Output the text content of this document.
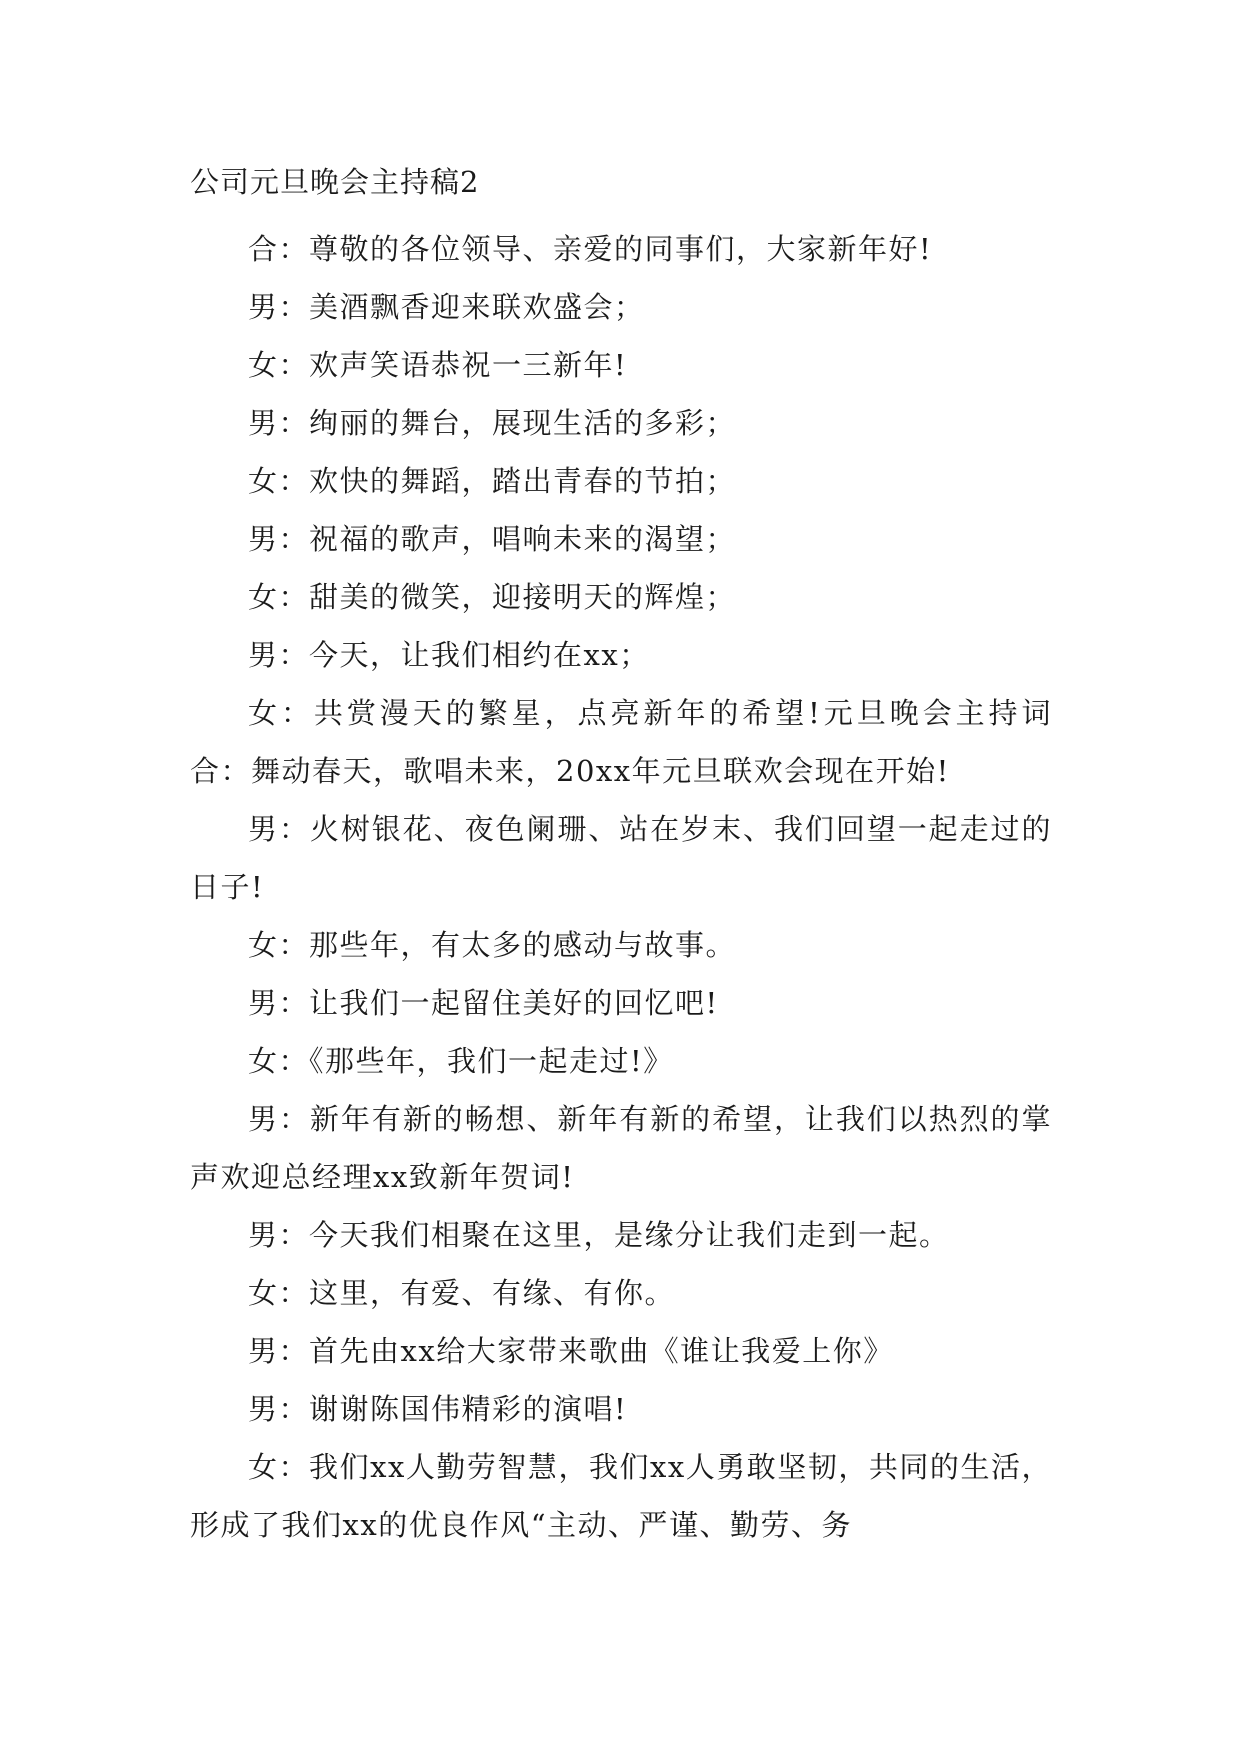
公司元旦晚会主持稿2

合：尊敬的各位领导、亲爱的同事们，大家新年好!

男：美酒飘香迎来联欢盛会；

女：欢声笑语恭祝一三新年!

男：绚丽的舞台，展现生活的多彩；

女：欢快的舞蹈，踏出青春的节拍；

男：祝福的歌声，唱响未来的渴望；

女：甜美的微笑，迎接明天的辉煌；

男：今天，让我们相约在xx；

女：共赏漫天的繁星，点亮新年的希望!元旦晚会主持词合：舞动春天，歌唱未来，20xx年元旦联欢会现在开始!

男：火树银花、夜色阑珊、站在岁末、我们回望一起走过的日子!

女：那些年，有太多的感动与故事。

男：让我们一起留住美好的回忆吧!

女：《那些年，我们一起走过!》

男：新年有新的畅想、新年有新的希望，让我们以热烈的掌声欢迎总经理xx致新年贺词!

男：今天我们相聚在这里，是缘分让我们走到一起。

女：这里，有爱、有缘、有你。

男：首先由xx给大家带来歌曲《谁让我爱上你》

男：谢谢陈国伟精彩的演唱!

女：我们xx人勤劳智慧，我们xx人勇敢坚韧，共同的生活，形成了我们xx的优良作风“主动、严谨、勤劳、务
